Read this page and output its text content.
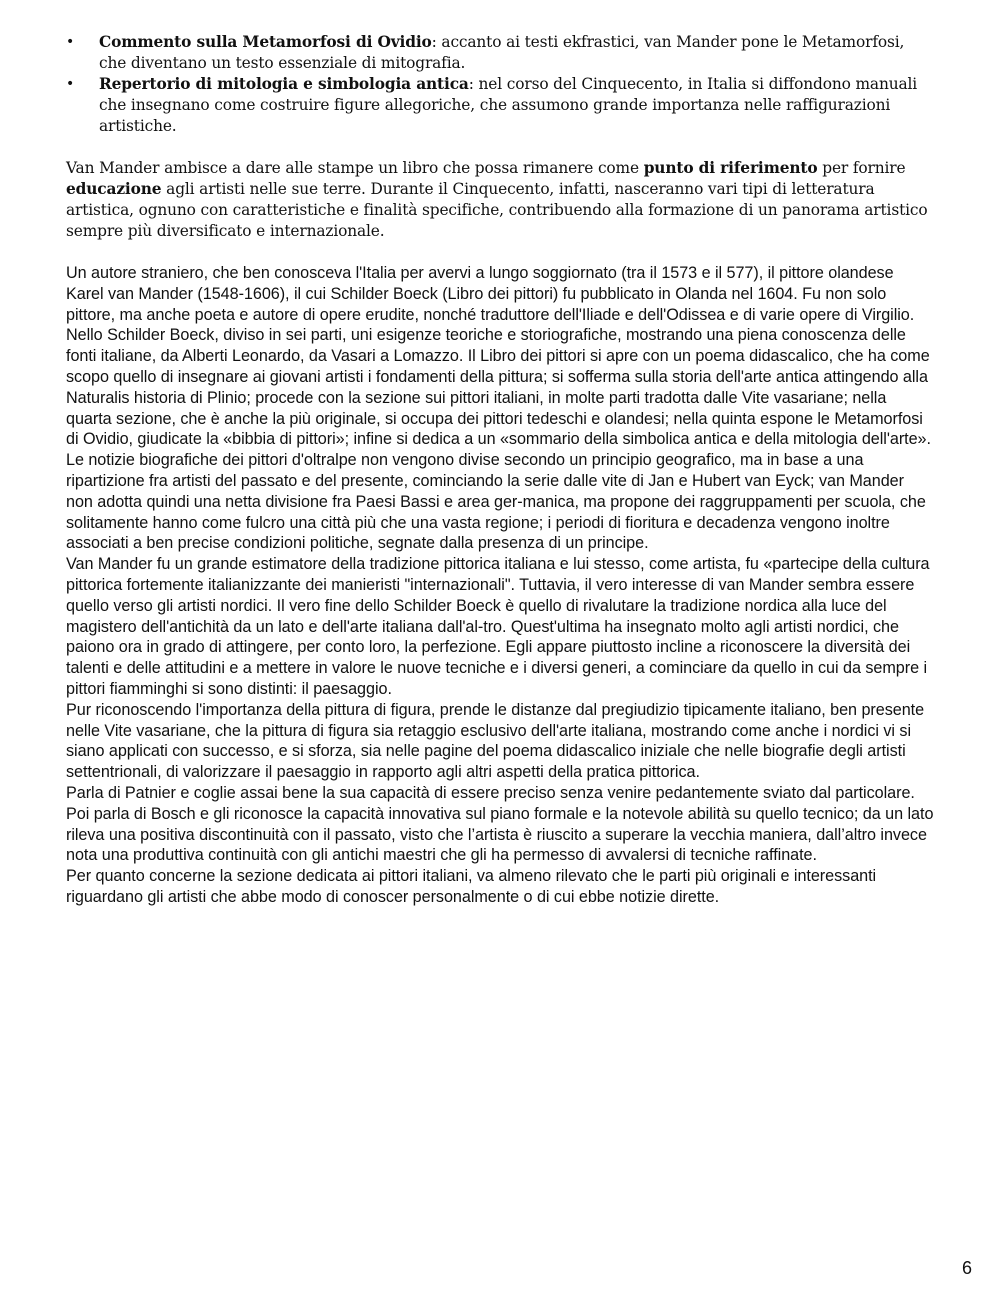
• Commento sulla Metamorfosi di Ovidio: accanto ai testi ekfrastici, van Mander pone le Metamorfosi, che diventano un testo essenziale di mitografia.
• Repertorio di mitologia e simbologia antica: nel corso del Cinquecento, in Italia si diffondono manuali che insegnano come costruire figure allegoriche, che assumono grande importanza nelle raffigurazioni artistiche.

Van Mander ambisce a dare alle stampe un libro che possa rimanere come punto di riferimento per fornire educazione agli artisti nelle sue terre. Durante il Cinquecento, infatti, nasceranno vari tipi di letteratura artistica, ognuno con caratteristiche e finalità specifiche, contribuendo alla formazione di un panorama artistico sempre più diversificato e internazionale.

Un autore straniero, che ben conosceva l'Italia per avervi a lungo soggiornato (tra il 1573 e il 577), il pittore olandese Karel van Mander (1548-1606), il cui Schilder Boeck (Libro dei pittori) fu pubblicato in Olanda nel 1604. Fu non solo pittore, ma anche poeta e autore di opere erudite, nonché traduttore dell'Iliade e dell'Odissea e di varie opere di Virgilio. Nello Schilder Boeck, diviso in sei parti, uni esigenze teoriche e storiografiche, mostrando una piena conoscenza delle fonti italiane, da Alberti Leonardo, da Vasari a Lomazzo. Il Libro dei pittori si apre con un poema didascalico, che ha come scopo quello di insegnare ai giovani artisti i fondamenti della pittura; si sofferma sulla storia dell'arte antica attingendo alla Naturalis historia di Plinio; procede con la sezione sui pittori italiani, in molte parti tradotta dalle Vite vasariane; nella quarta sezione, che è anche la più originale, si occupa dei pittori tedeschi e olandesi; nella quinta espone le Metamorfosi di Ovidio, giudicate la «bibbia di pittori»; infine si dedica a un «sommario della simbolica antica e della mitologia dell'arte».

Le notizie biografiche dei pittori d'oltralpe non vengono divise secondo un principio geografico, ma in base a una ripartizione fra artisti del passato e del presente, cominciando la serie dalle vite di Jan e Hubert van Eyck; van Mander non adotta quindi una netta divisione fra Paesi Bassi e area ger-manica, ma propone dei raggruppamenti per scuola, che solitamente hanno come fulcro una città più che una vasta regione; i periodi di fioritura e decadenza vengono inoltre associati a ben precise condizioni politiche, segnate dalla presenza di un principe.

Van Mander fu un grande estimatore della tradizione pittorica italiana e lui stesso, come artista, fu «partecipe della cultura pittorica fortemente italianizzante dei manieristi "internazionali". Tuttavia, il vero interesse di van Mander sembra essere quello verso gli artisti nordici. Il vero fine dello Schilder Boeck è quello di rivalutare la tradizione nordica alla luce del magistero dell'antichità da un lato e dell'arte italiana dall'al-tro. Quest'ultima ha insegnato molto agli artisti nordici, che paiono ora in grado di attingere, per conto loro, la perfezione. Egli appare piuttosto incline a riconoscere la diversità dei talenti e delle attitudini e a mettere in valore le nuove tecniche e i diversi generi, a cominciare da quello in cui da sempre i pittori fiamminghi si sono distinti: il paesaggio.

Pur riconoscendo l'importanza della pittura di figura, prende le distanze dal pregiudizio tipicamente italiano, ben presente nelle Vite vasariane, che la pittura di figura sia retaggio esclusivo dell'arte italiana, mostrando come anche i nordici vi si siano applicati con successo, e si sforza, sia nelle pagine del poema didascalico iniziale che nelle biografie degli artisti settentrionali, di valorizzare il paesaggio in rapporto agli altri aspetti della pratica pittorica.

Parla di Patnier e coglie assai bene la sua capacità di essere preciso senza venire pedantemente sviato dal particolare. Poi parla di Bosch e gli riconosce la capacità innovativa sul piano formale e la notevole abilità su quello tecnico; da un lato rileva una positiva discontinuità con il passato, visto che l’artista è riuscito a superare la vecchia maniera, dall’altro invece nota una produttiva continuità con gli antichi maestri che gli ha permesso di avvalersi di tecniche raffinate.

Per quanto concerne la sezione dedicata ai pittori italiani, va almeno rilevato che le parti più originali e interessanti riguardano gli artisti che abbe modo di conoscer personalmente o di cui ebbe notizie dirette.

6
